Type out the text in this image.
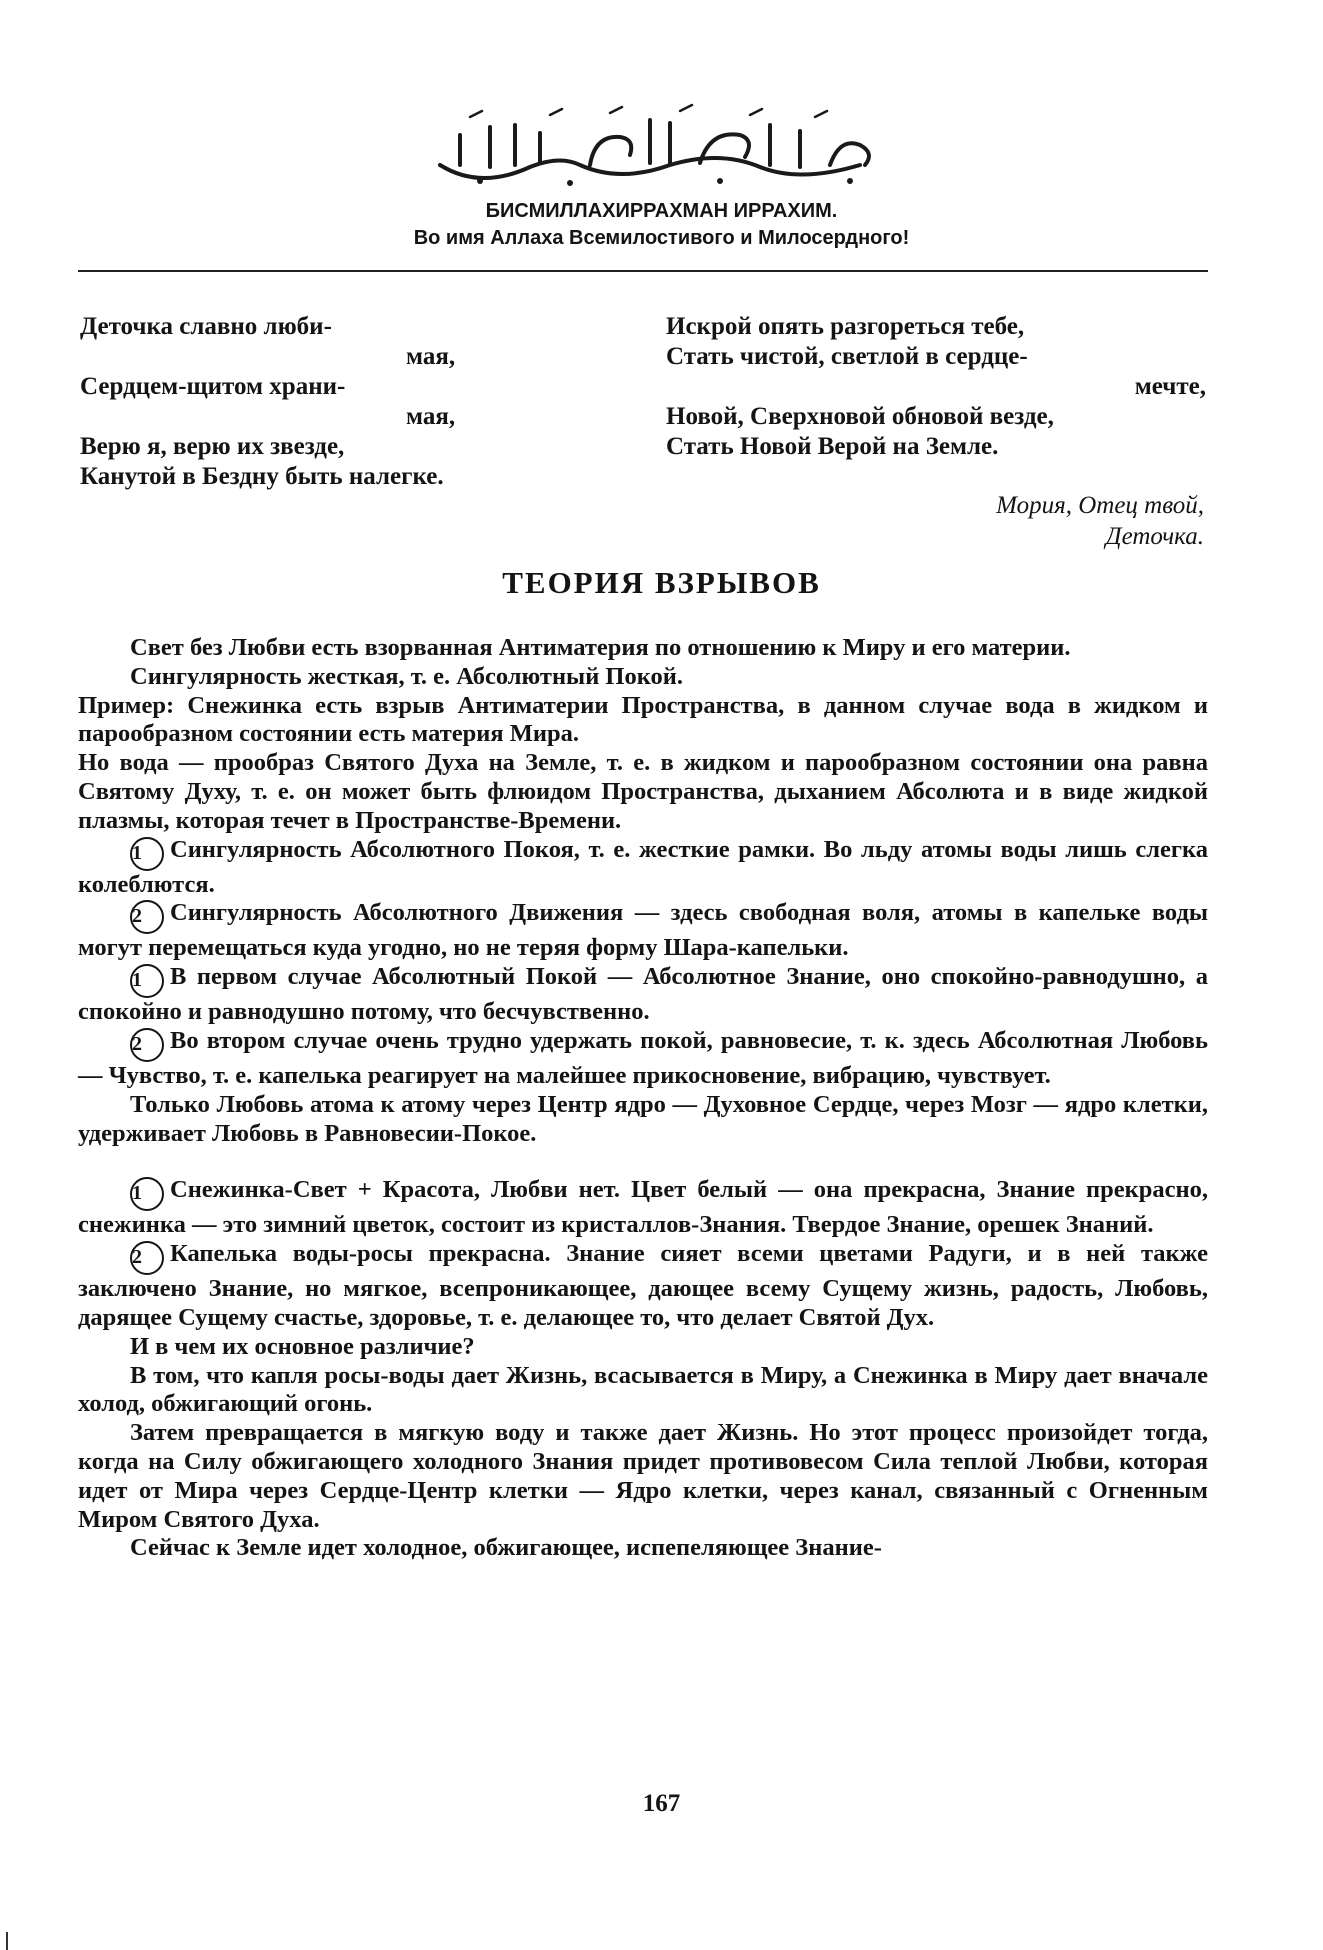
БИСМИЛЛАХИРРАХМАН ИРРАХИМ.
Во имя Аллаха Всемилостивого и Милосердного!
Деточка славно люби-
мая,
Сердцем-щитом храни-
мая,
Верю я, верю их звезде,
Канутой в Бездну быть налегке.
Искрой опять разгореться тебе,
Стать чистой, светлой в сердце-
мечте,
Новой, Сверхновой обновой везде,
Стать Новой Верой на Земле.
Мория, Отец твой,
Деточка.
ТЕОРИЯ ВЗРЫВОВ

Свет без Любви есть взорванная Антиматерия по отношению к Миру и его материи.

Сингулярность жесткая, т. е. Абсолютный Покой.

Пример: Снежинка есть взрыв Антиматерии Пространства, в данном случае вода в жидком и парообразном состоянии есть материя Мира.

Но вода — прообраз Святого Духа на Земле, т. е. в жидком и парообразном состоянии она равна Святому Духу, т. е. он может быть флюидом Пространства, дыханием Абсолюта и в виде жидкой плазмы, которая течет в Пространстве-Времени.

1 Сингулярность Абсолютного Покоя, т. е. жесткие рамки. Во льду атомы воды лишь слегка колеблются.

2 Сингулярность Абсолютного Движения — здесь свободная воля, атомы в капельке воды могут перемещаться куда угодно, но не теряя форму Шара-капельки.

1 В первом случае Абсолютный Покой — Абсолютное Знание, оно спокойно-равнодушно, а спокойно и равнодушно потому, что бесчувственно.

2 Во втором случае очень трудно удержать покой, равновесие, т. к. здесь Абсолютная Любовь — Чувство, т. е. капелька реагирует на малейшее прикосновение, вибрацию, чувствует.

Только Любовь атома к атому через Центр ядро — Духовное Сердце, через Мозг — ядро клетки, удерживает Любовь в Равновесии-Покое.

1 Снежинка-Свет + Красота, Любви нет. Цвет белый — она прекрасна, Знание прекрасно, снежинка — это зимний цветок, состоит из кристаллов-Знания. Твердое Знание, орешек Знаний.

2 Капелька воды-росы прекрасна. Знание сияет всеми цветами Радуги, и в ней также заключено Знание, но мягкое, всепроникающее, дающее всему Сущему жизнь, радость, Любовь, дарящее Сущему счастье, здоровье, т. е. делающее то, что делает Святой Дух.

И в чем их основное различие?

В том, что капля росы-воды дает Жизнь, всасывается в Миру, а Снежинка в Миру дает вначале холод, обжигающий огонь.

Затем превращается в мягкую воду и также дает Жизнь. Но этот процесс произойдет тогда, когда на Силу обжигающего холодного Знания придет противовесом Сила теплой Любви, которая идет от Мира через Сердце-Центр клетки — Ядро клетки, через канал, связанный с Огненным Миром Святого Духа.

Сейчас к Земле идет холодное, обжигающее, испепеляющее Знание-

167
